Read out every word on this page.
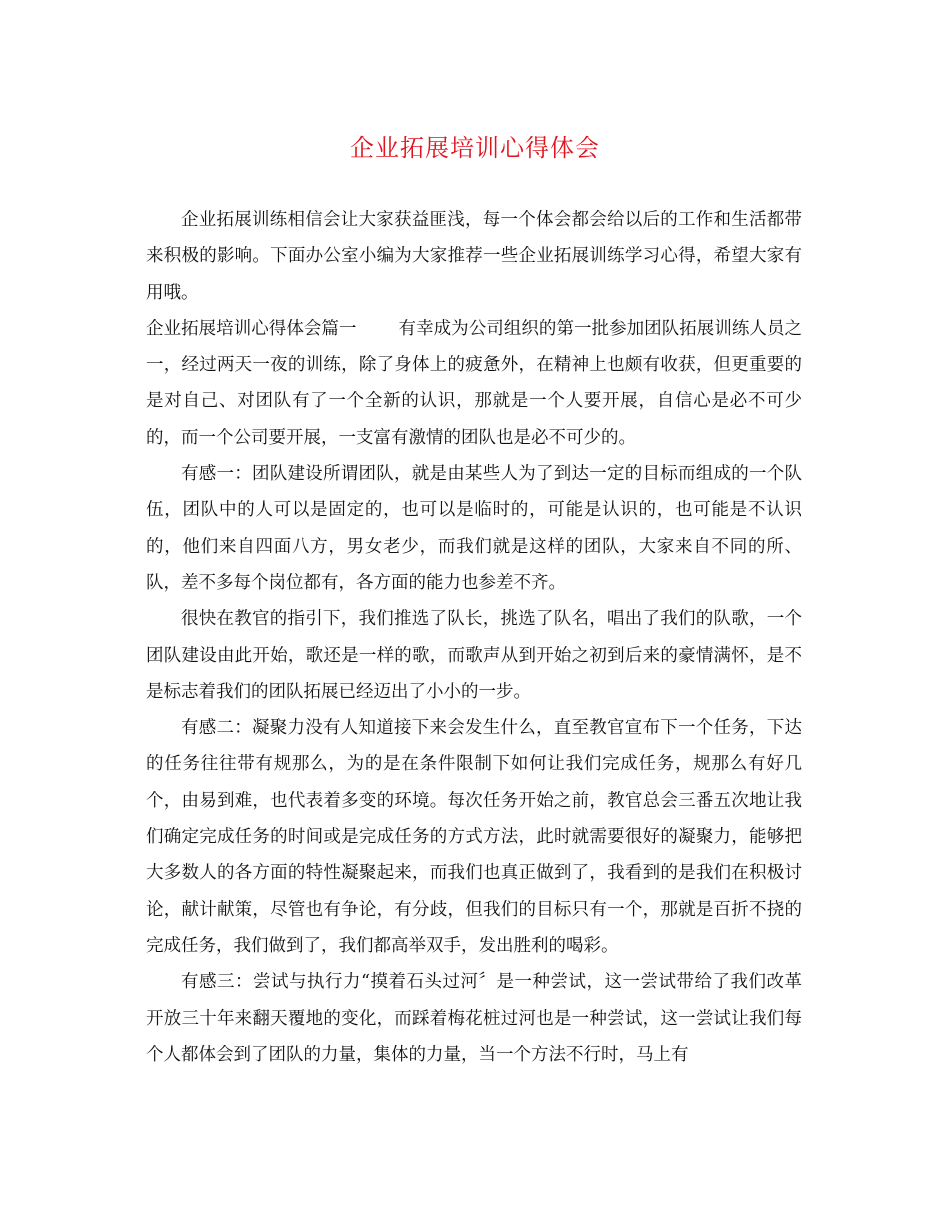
企业拓展培训心得体会

企业拓展训练相信会让大家获益匪浅，每一个体会都会给以后的工作和生活都带来积极的影响。下面办公室小编为大家推荐一些企业拓展训练学习心得，希望大家有用哦。

企业拓展培训心得体会篇一 有幸成为公司组织的第一批参加团队拓展训练人员之一，经过两天一夜的训练，除了身体上的疲惫外，在精神上也颇有收获，但更重要的是对自己、对团队有了一个全新的认识，那就是一个人要开展，自信心是必不可少的，而一个公司要开展，一支富有激情的团队也是必不可少的。

有感一：团队建设所谓团队，就是由某些人为了到达一定的目标而组成的一个队伍，团队中的人可以是固定的，也可以是临时的，可能是认识的，也可能是不认识的，他们来自四面八方，男女老少，而我们就是这样的团队，大家来自不同的所、队，差不多每个岗位都有，各方面的能力也参差不齐。

很快在教官的指引下，我们推选了队长，挑选了队名，唱出了我们的队歌，一个团队建设由此开始，歌还是一样的歌，而歌声从到开始之初到后来的豪情满怀，是不是标志着我们的团队拓展已经迈出了小小的一步。

有感二：凝聚力没有人知道接下来会发生什么，直至教官宣布下一个任务，下达的任务往往带有规那么，为的是在条件限制下如何让我们完成任务，规那么有好几个，由易到难，也代表着多变的环境。每次任务开始之前，教官总会三番五次地让我们确定完成任务的时间或是完成任务的方式方法，此时就需要很好的凝聚力，能够把大多数人的各方面的特性凝聚起来，而我们也真正做到了，我看到的是我们在积极讨论，献计献策，尽管也有争论，有分歧，但我们的目标只有一个，那就是百折不挠的完成任务，我们做到了，我们都高举双手，发出胜利的喝彩。

有感三：尝试与执行力“摸着石头过河〞是一种尝试，这一尝试带给了我们改革开放三十年来翻天覆地的变化，而踩着梅花桩过河也是一种尝试，这一尝试让我们每个人都体会到了团队的力量，集体的力量，当一个方法不行时，马上有
